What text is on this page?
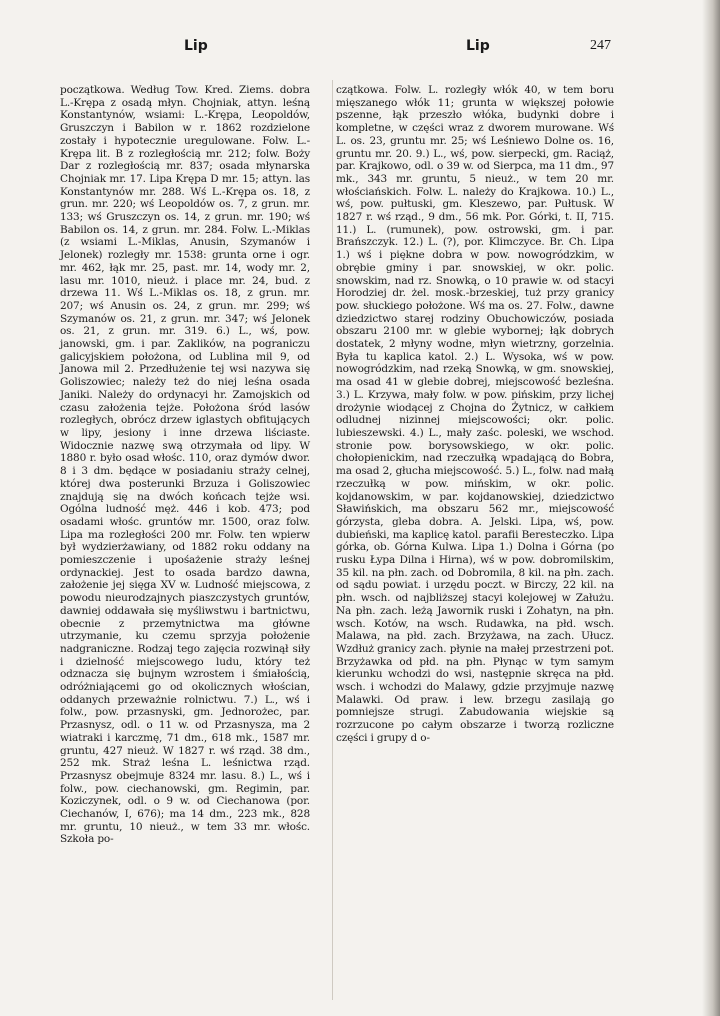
Lip	Lip	247

początkowa. Według Tow. Kred. Ziems. dobra L.-Krępa z osadą młyn. Chojniak, attyn. leśną Konstantynów, wsiami: L.-Krępa, Leopoldów, Gruszczyn i Babilon w r. 1862 rozdzielone zostały i hypotecznie uregulowane. Folw. L.-Krępa lit. B z rozległością mr. 212; folw. Boży Dar z rozległością mr. 837; osada młynarska Chojniak mr. 17. Lipa Krępa D mr. 15; attyn. las Konstantynów mr. 288. Wś L.-Krępa os. 18, z grun. mr. 220; wś Leopoldów os. 7, z grun. mr. 133; wś Gruszczyn os. 14, z grun. mr. 190; wś Babilon os. 14, z grun. mr. 284. Folw. L.-Miklas (z wsiami L.-Miklas, Anusin, Szymanów i Jelonek) rozległy mr. 1538: grunta orne i ogr. mr. 462, łąk mr. 25, past. mr. 14, wody mr. 2, lasu mr. 1010, nieuż. i place mr. 24, bud. z drzewa 11. Wś L.-Miklas os. 18, z grun. mr. 207; wś Anusin os. 24, z grun. mr. 299; wś Szymanów os. 21, z grun. mr. 347; wś Jelonek os. 21, z grun. mr. 319. 6.) L., wś, pow. janowski, gm. i par. Zaklików, na pograniczu galicyjskiem położona, od Lublina mil 9, od Janowa mil 2. Przedłużenie tej wsi nazywa się Goliszowiec; należy też do niej leśna osada Janiki. Należy do ordynacyi hr. Zamojskich od czasu założenia tejże. Położona śród lasów rozległych, obrócz drzew iglastych obfitujących w lipy, jesiony i inne drzewa liściaste. Widocznie nazwę swą otrzymała od lipy. W 1880 r. było osad włośc. 110, oraz dymów dwor. 8 i 3 dm. będące w posiadaniu straży celnej, której dwa posterunki Brzuza i Goliszowiec znajdują się na dwóch końcach tejże wsi. Ogólna ludność męż. 446 i kob. 473; pod osadami włośc. gruntów mr. 1500, oraz folw. Lipa ma rozległości 200 mr. Folw. ten wpierw był wydzierżawiany, od 1882 roku oddany na pomieszczenie i upośażenie straży leśnej ordynackiej. Jest to osada bardzo dawna, założenie jej sięga XV w. Ludność miejscowa, z powodu nieurodzajnych piaszczystych gruntów, dawniej oddawała się myśliwstwu i bartnictwu, obecnie z przemytnictwa ma główne utrzymanie, ku czemu sprzyja położenie nadgraniczne. Rodzaj tego zajęcia rozwinął siły i dzielność miejscowego ludu, który też odznacza się bujnym wzrostem i śmiałością, odróżniającemi go od okolicznych włościan, oddanych przeważnie rolnictwu. 7.) L., wś i folw., pow. przasnyski, gm. Jednorożec, par. Przasnysz, odl. o 11 w. od Przasnysza, ma 2 wiatraki i karczmę, 71 dm., 618 mk., 1587 mr. gruntu, 427 nieuż. W 1827 r. wś rząd. 38 dm., 252 mk. Straż leśna L. leśnictwa rząd. Przasnysz obejmuje 8324 mr. lasu. 8.) L., wś i folw., pow. ciechanowski, gm. Regimin, par. Koziczynek, odl. o 9 w. od Ciechanowa (por. Ciechanów, I, 676); ma 14 dm., 223 mk., 828 mr. gruntu, 10 nieuż., w tem 33 mr. włośc. Szkoła po-

czątkowa. Folw. L. rozległy włók 40, w tem boru mięszanego włók 11; grunta w większej połowie pszenne, łąk przeszło włóka, budynki dobre i kompletne, w części wraz z dworem murowane. Wś L. os. 23, gruntu mr. 25; wś Leśniewo Dolne os. 16, gruntu mr. 20. 9.) L., wś, pow. sierpecki, gm. Raciąż, par. Krajkowo, odl. o 39 w. od Sierpca, ma 11 dm., 97 mk., 343 mr. gruntu, 5 nieuż., w tem 20 mr. włościańskich. Folw. L. należy do Krajkowa. 10.) L., wś, pow. pułtuski, gm. Kleszewo, par. Pułtusk. W 1827 r. wś rząd., 9 dm., 56 mk. Por. Górki, t. II, 715. 11.) L. (rumunek), pow. ostrowski, gm. i par. Brańszczyk. 12.) L. (?), por. Klimczyce. Br. Ch. Lipa 1.) wś i piękne dobra w pow. nowogródzkim, w obrębie gminy i par. snowskiej, w okr. polic. snowskim, nad rz. Snowką, o 10 prawie w. od stacyi Horodziej dr. żel. mosk.-brzeskiej, tuż przy granicy pow. słuckiego położone. Wś ma os. 27. Folw., dawne dziedzictwo starej rodziny Obuchowiczów, posiada obszaru 2100 mr. w glebie wybornej; łąk dobrych dostatek, 2 młyny wodne, młyn wietrzny, gorzelnia. Była tu kaplica katol. 2.) L. Wysoka, wś w pow. nowogródzkim, nad rzeką Snowką, w gm. snowskiej, ma osad 41 w glebie dobrej, miejscowość bezleśna. 3.) L. Krzywa, mały folw. w pow. pińskim, przy lichej drożynie wiodącej z Chojna do Żytnicz, w całkiem odludnej nizinnej miejscowości; okr. polic. lubieszewski. 4.) L., mały zaśc. poleski, we wschod. stronie pow. borysowskiego, w okr. polic. chołopienickim, nad rzeczułką wpadającą do Bobra, ma osad 2, głucha miejscowość. 5.) L., folw. nad małą rzeczułką w pow. mińskim, w okr. polic. kojdanowskim, w par. kojdanowskiej, dziedzictwo Sławińskich, ma obszaru 562 mr., miejscowość górzysta, gleba dobra. A. Jelski. Lipa, wś, pow. dubieński, ma kaplicę katol. parafii Beresteczko. Lipa górka, ob. Górna Kulwa. Lipa 1.) Dolna i Górna (po rusku Łypa Dilna i Hirna), wś w pow. dobromilskim, 35 kil. na płn. zach. od Dobromila, 8 kil. na płn. zach. od sądu powiat. i urzędu poczt. w Birczy, 22 kil. na płn. wsch. od najbliższej stacyi kolejowej w Załużu. Na płn. zach. leżą Jawornik ruski i Zohatyn, na płn. wsch. Kotów, na wsch. Rudawka, na płd. wsch. Malawa, na płd. zach. Brzyżawa, na zach. Ułucz. Wzdłuż granicy zach. płynie na małej przestrzeni pot. Brzyżawka od płd. na płn. Płynąc w tym samym kierunku wchodzi do wsi, następnie skręca na płd. wsch. i wchodzi do Malawy, gdzie przyjmuje nazwę Malawki. Od praw. i lew. brzegu zasilają go pomniejsze strugi. Zabudowania wiejskie są rozrzucone po całym obszarze i tworzą rozliczne części i grupy d o-
